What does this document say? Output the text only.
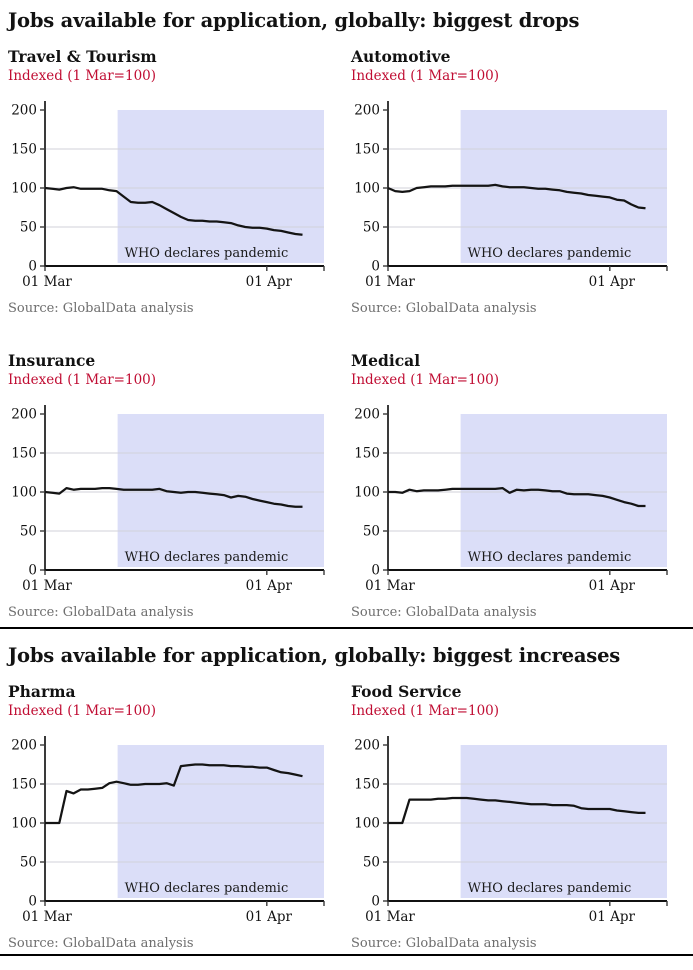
Jobs available for application, globally: biggest drops
Travel & Tourism
Indexed (1 Mar=100)
0
50
100
150
200
01 Mar	01 Apr
WHO declares pandemic
Source: GlobalData analysis
Automotive
Indexed (1 Mar=100)
0
50
100
150
200
01 Mar	01 Apr
WHO declares pandemic
Source: GlobalData analysis
Insurance
Indexed (1 Mar=100)
0
50
100
150
200
01 Mar	01 Apr
WHO declares pandemic
Source: GlobalData analysis
Medical
Indexed (1 Mar=100)
0
50
100
150
200
01 Mar	01 Apr
WHO declares pandemic
Source: GlobalData analysis
Jobs available for application, globally: biggest increases
Pharma
Indexed (1 Mar=100)
0
50
100
150
200
01 Mar	01 Apr
WHO declares pandemic
Source: GlobalData analysis
Food Service
Indexed (1 Mar=100)
0
50
100
150
200
01 Mar	01 Apr
WHO declares pandemic
Source: GlobalData analysis
